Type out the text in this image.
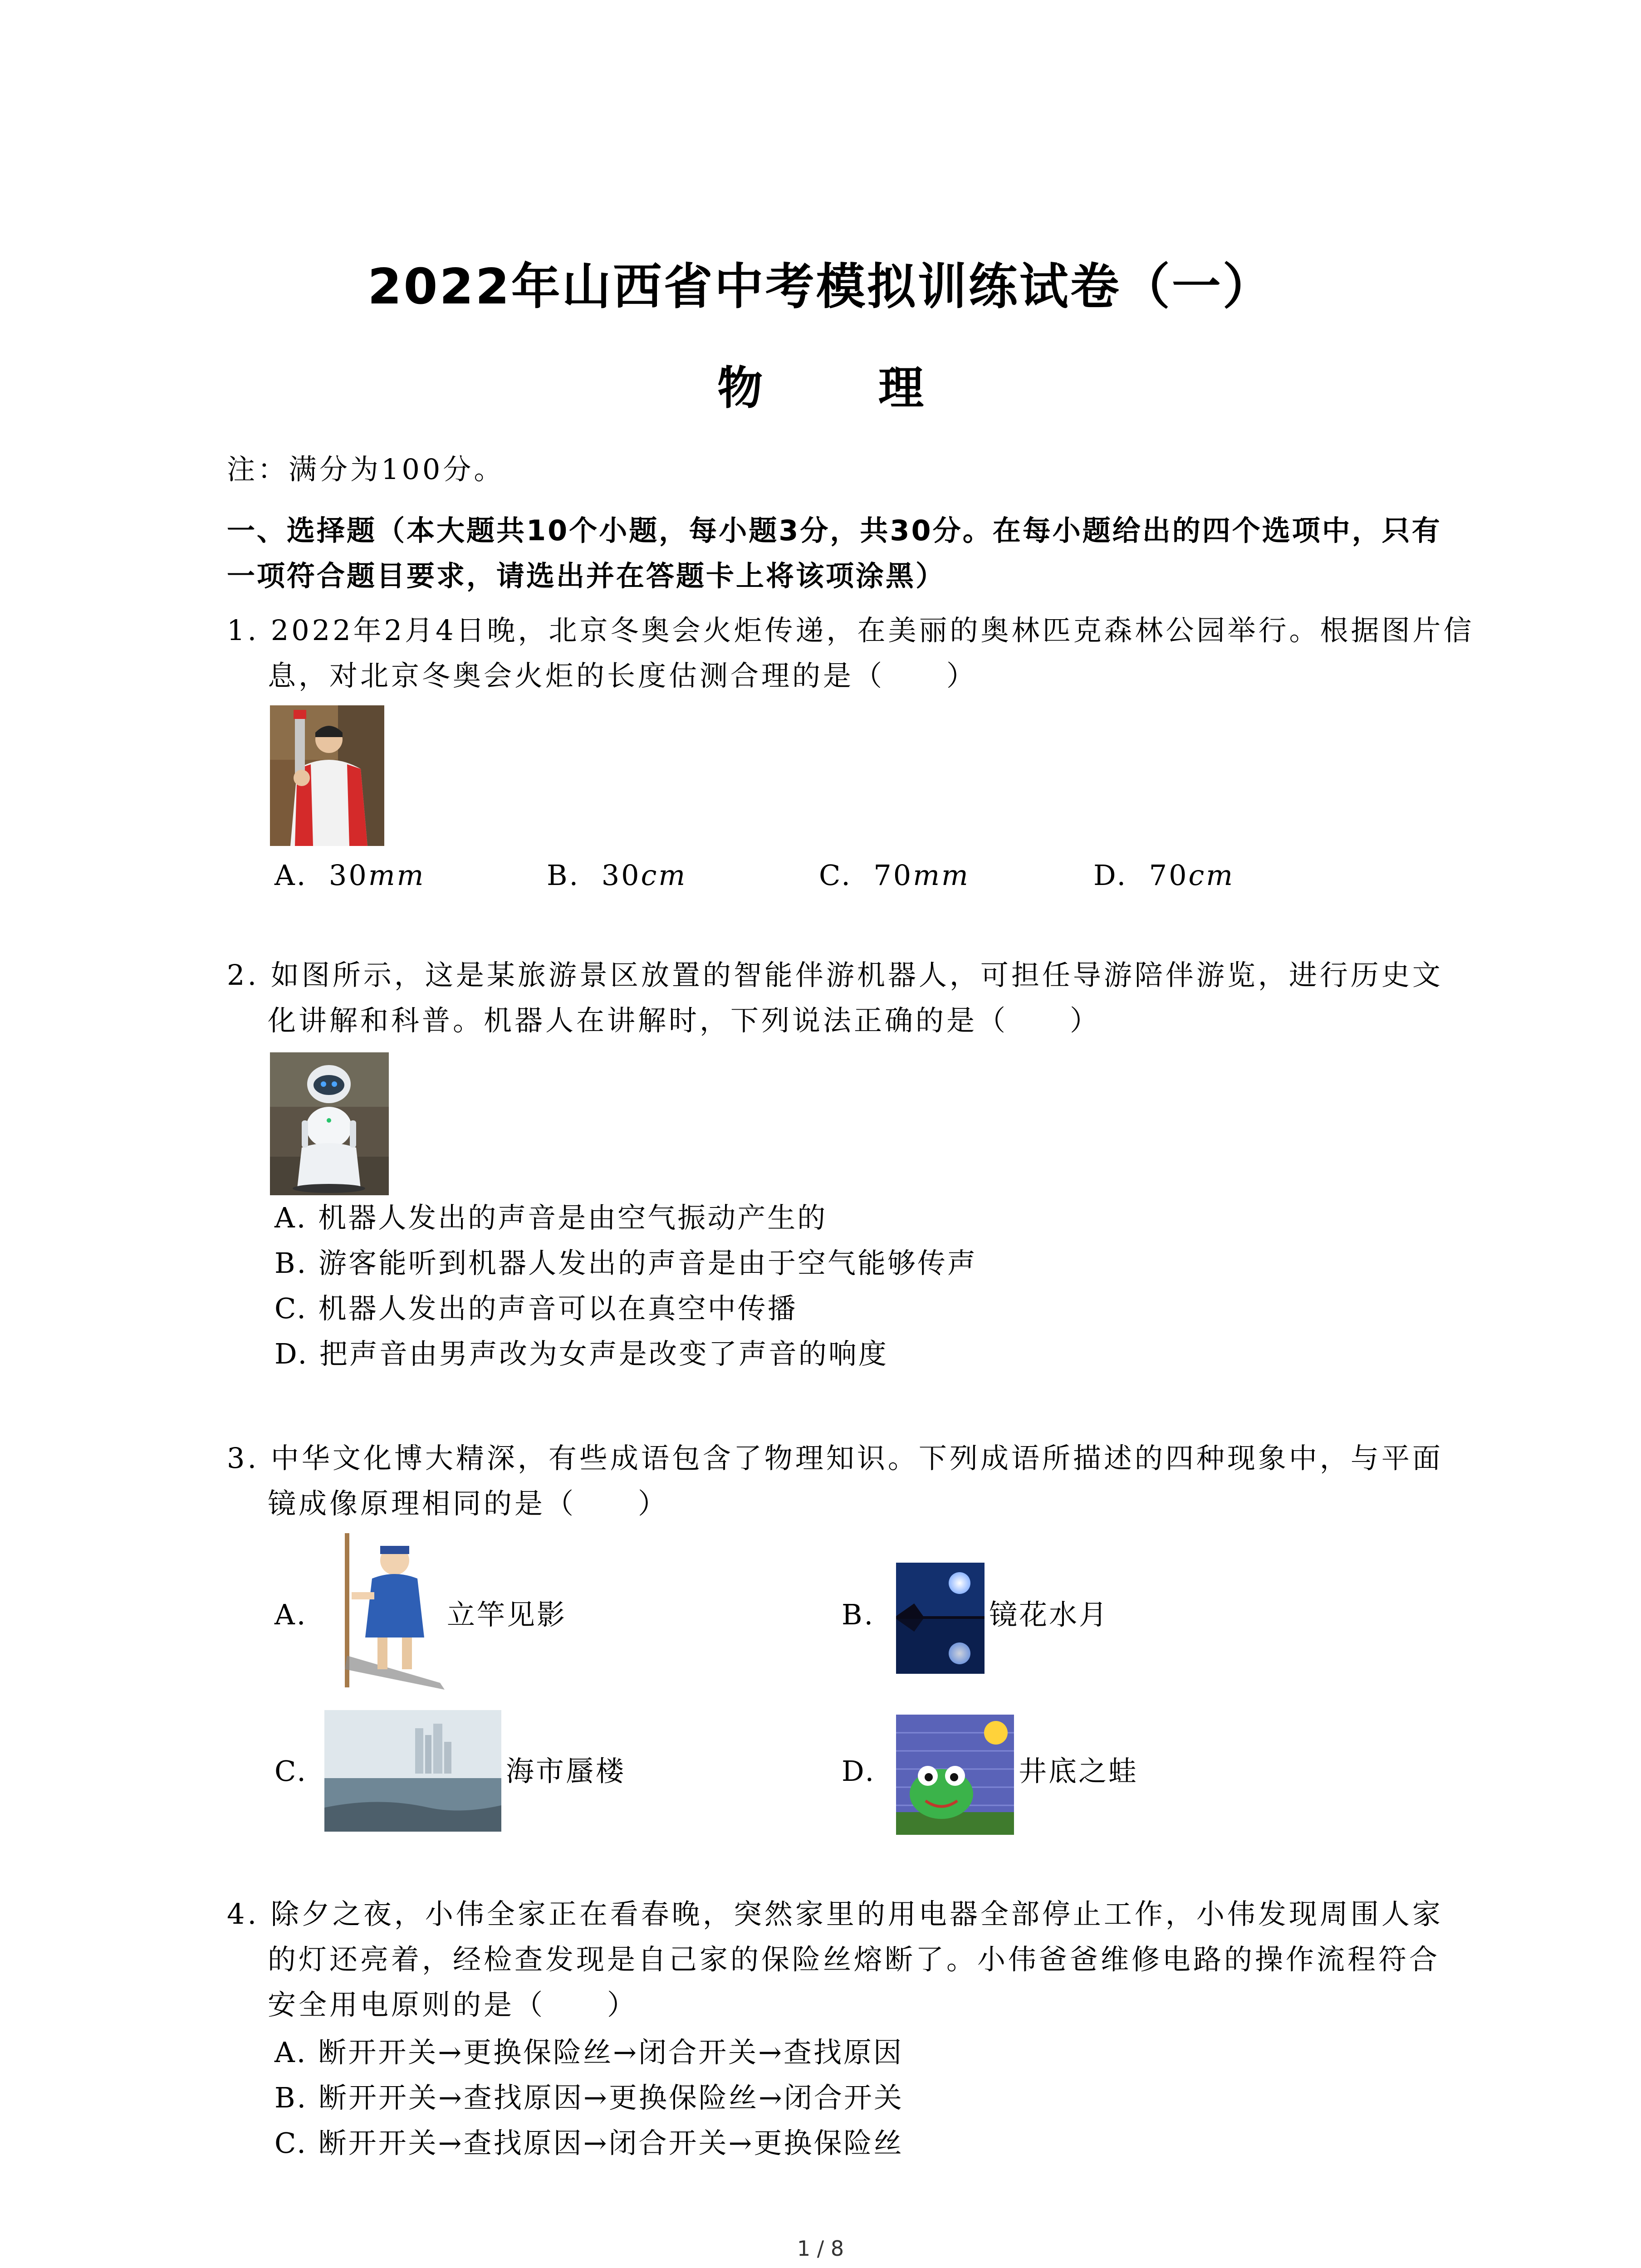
2022年山西省中考模拟训练试卷（一）
物 理
注：满分为100分。
一、选择题（本大题共10个小题，每小题3分，共30分。在每小题给出的四个选项中，只有
一项符合题目要求，请选出并在答题卡上将该项涂黑）
1. 2022年2月4日晚，北京冬奥会火炬传递，在美丽的奥林匹克森林公园举行。根据图片信
息，对北京冬奥会火炬的长度估测合理的是（　　）
A. 30mm	B. 30cm	C. 70mm	D. 70cm
2. 如图所示，这是某旅游景区放置的智能伴游机器人，可担任导游陪伴游览，进行历史文
化讲解和科普。机器人在讲解时，下列说法正确的是（　　）
A. 机器人发出的声音是由空气振动产生的
B. 游客能听到机器人发出的声音是由于空气能够传声
C. 机器人发出的声音可以在真空中传播
D. 把声音由男声改为女声是改变了声音的响度
3. 中华文化博大精深，有些成语包含了物理知识。下列成语所描述的四种现象中，与平面
镜成像原理相同的是（　　）
A.	立竿见影	B.	镜花水月
C.	海市蜃楼	D.	井底之蛙
4. 除夕之夜，小伟全家正在看春晚，突然家里的用电器全部停止工作，小伟发现周围人家
的灯还亮着，经检查发现是自己家的保险丝熔断了。小伟爸爸维修电路的操作流程符合
安全用电原则的是（　　）
A. 断开开关→更换保险丝→闭合开关→查找原因
B. 断开开关→查找原因→更换保险丝→闭合开关
C. 断开开关→查找原因→闭合开关→更换保险丝
1 / 8
